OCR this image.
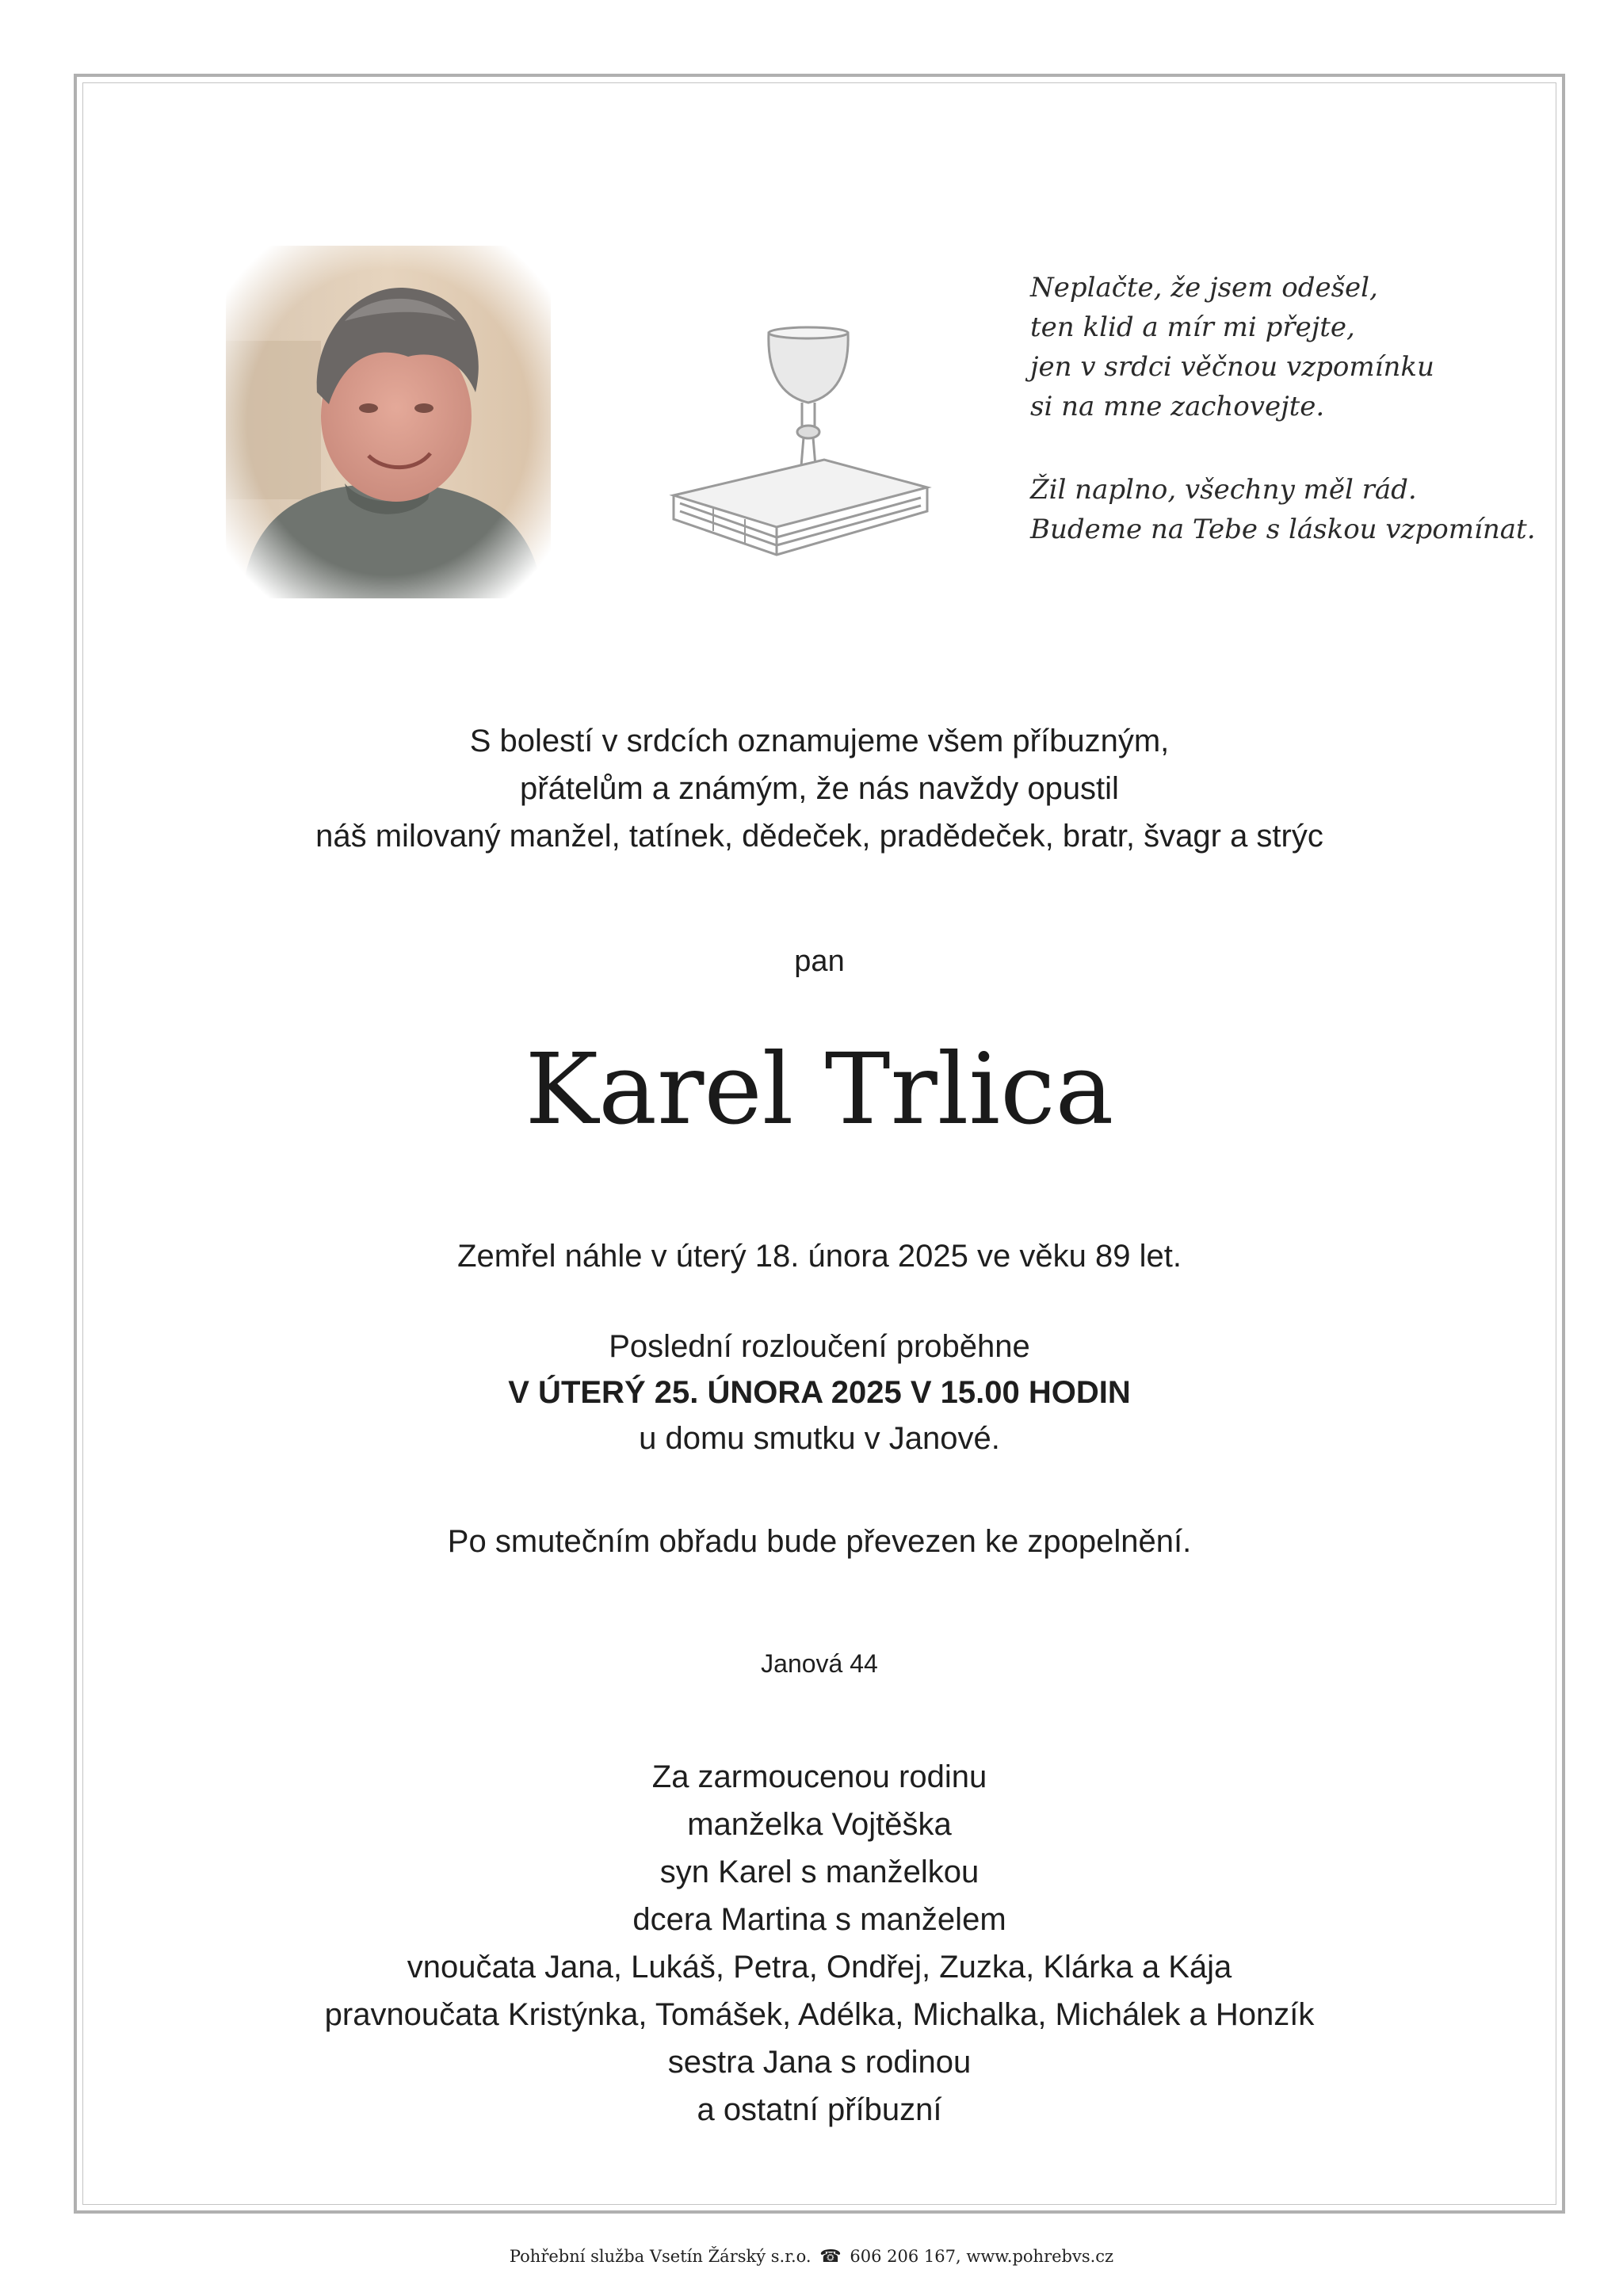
Neplačte, že jsem odešel,
ten klid a mír mi přejte,
jen v srdci věčnou vzpomínku
si na mne zachovejte.
Žil naplno, všechny měl rád.
Budeme na Tebe s láskou vzpomínat.
S bolestí v srdcích oznamujeme všem příbuzným,
přátelům a známým, že nás navždy opustil
náš milovaný manžel, tatínek, dědeček, pradědeček, bratr, švagr a strýc
pan
Karel Trlica
Zemřel náhle v úterý 18. února 2025 ve věku 89 let.
Poslední rozloučení proběhne
V ÚTERÝ 25. ÚNORA 2025 V 15.00 HODIN
u domu smutku v Janové.
Po smutečním obřadu bude převezen ke zpopelnění.
Janová 44
Za zarmoucenou rodinu
manželka Vojtěška
syn Karel s manželkou
dcera Martina s manželem
vnoučata Jana, Lukáš, Petra, Ondřej, Zuzka, Klárka a Kája
pravnoučata Kristýnka, Tomášek, Adélka, Michalka, Michálek a Honzík
sestra Jana s rodinou
a ostatní příbuzní
Pohřební služba Vsetín Žárský s.r.o. ☎ 606 206 167, www.pohrebvs.cz
